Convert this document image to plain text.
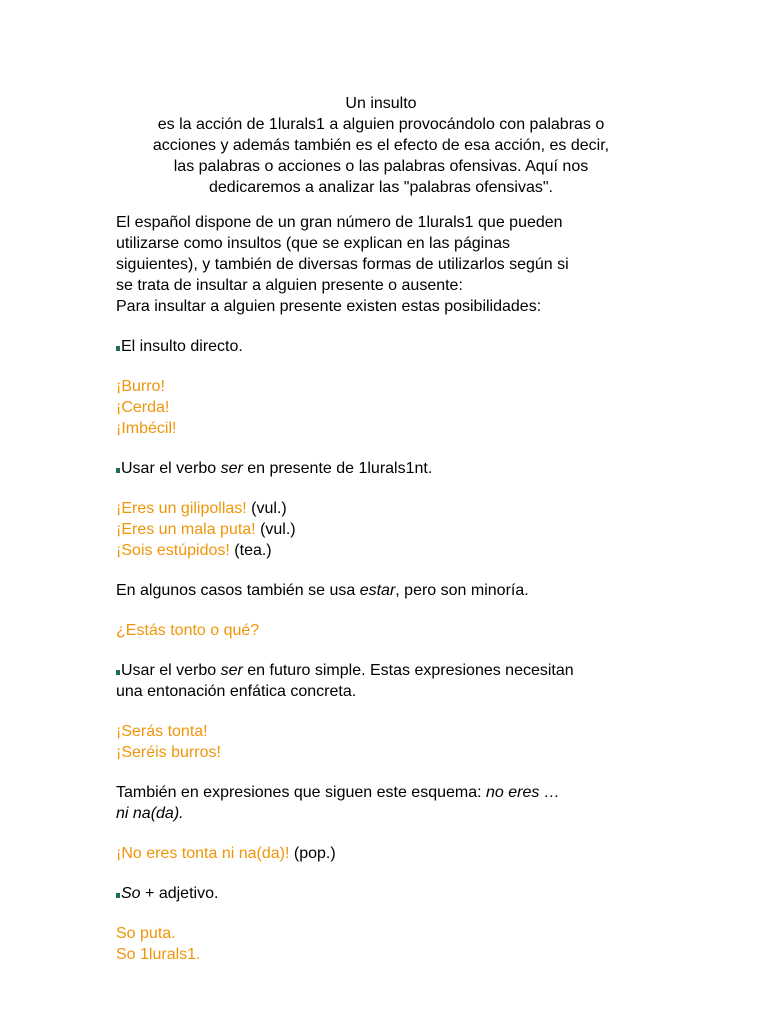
Un insulto
es la acción de 1lurals1 a alguien provocándolo con palabras o
acciones y además también es el efecto de esa acción, es decir,
las palabras o acciones o las palabras ofensivas. Aquí nos
dedicaremos a analizar las "palabras ofensivas".

El español dispone de un gran número de 1lurals1 que pueden
utilizarse como insultos (que se explican en las páginas
siguientes), y también de diversas formas de utilizarlos según si
se trata de insultar a alguien presente o ausente:
Para insultar a alguien presente existen estas posibilidades:

El insulto directo.

¡Burro!
¡Cerda!
¡Imbécil!

Usar el verbo ser en presente de 1lurals1nt.

¡Eres un gilipollas! (vul.)
¡Eres un mala puta! (vul.)
¡Sois estúpidos! (tea.)

En algunos casos también se usa estar, pero son minoría.

¿Estás tonto o qué?

Usar el verbo ser en futuro simple. Estas expresiones necesitan
una entonación enfática concreta.

¡Serás tonta!
¡Seréis burros!

También en expresiones que siguen este esquema: no eres …
ni na(da).

¡No eres tonta ni na(da)! (pop.)

So + adjetivo.

So puta.
So 1lurals1.
